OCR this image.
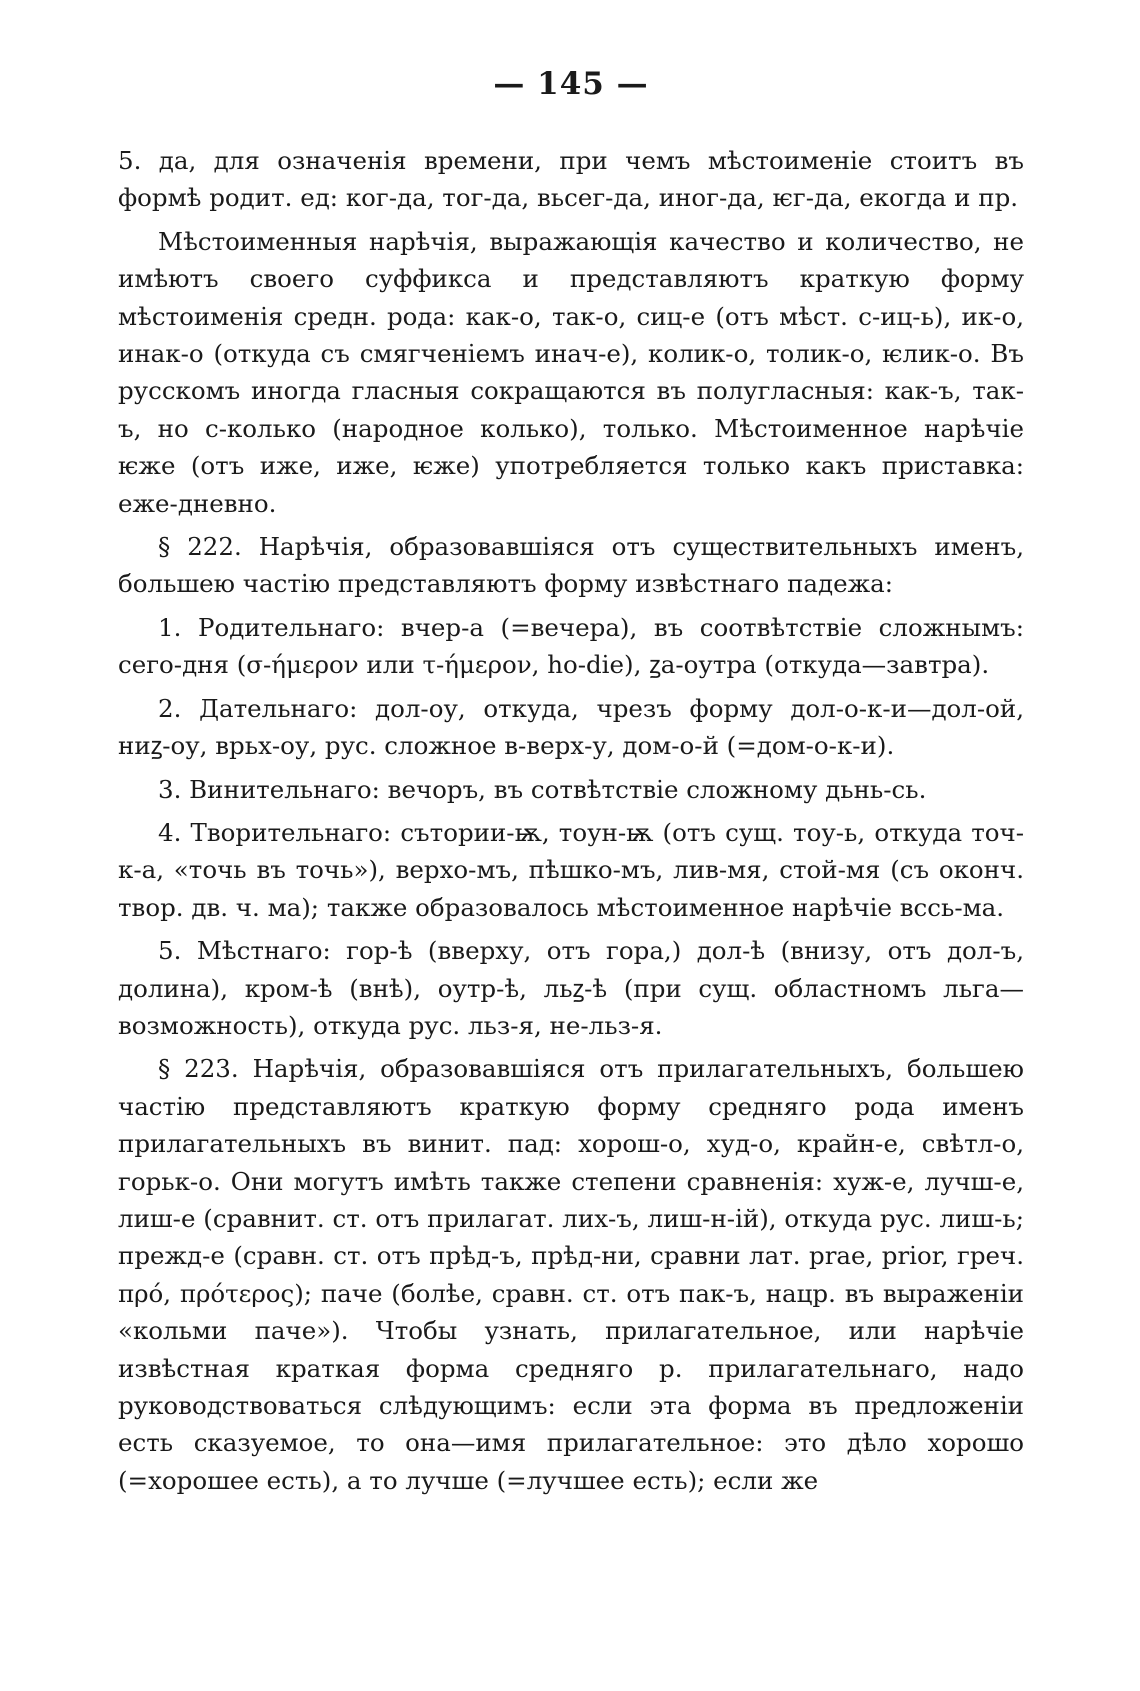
— 145 —

5. да, для означенія времени, при чемъ мѣстоименіе стоитъ въ формѣ родит. ед: ког-да, тог-да, вьсег-да, иног-да, ѥг-да, екогда и пр.

Мѣстоименныя нарѣчія, выражающія качество и количество, не имѣютъ своего суффикса и представляютъ краткую форму мѣстоименія средн. рода: как-о, так-о, сиц-е (отъ мѣст. с-иц-ь), ик-о, инак-о (откуда съ смягченіемъ инач-е), колик-о, толик-о, ѥлик-о. Въ русскомъ иногда гласныя сокращаются въ полугласныя: как-ъ, так-ъ, но с-колько (народное колько), только. Мѣстоименное нарѣчіе ѥже (отъ иже, иже, ѥже) употребляется только какъ приставка: еже-дневно.

§ 222. Нарѣчія, образовавшіяся отъ существительныхъ именъ, большею частію представляютъ форму извѣстнаго падежа:

1. Родительнаго: вчер-а (=вечера), въ соотвѣтствіе сложнымъ: сего-дня (σ-ήμερον или τ-ήμερον, ho-die), ꙁа-оутра (откуда—завтра).

2. Дательнаго: дол-оу, откуда, чрезъ форму дол-о-к-и—дол-ой, ниꙁ-оу, врьх-оу, рус. сложное в-верх-у, дом-о-й (=дом-о-к-и).

3. Винительнаго: вечоръ, въ сотвѣтствіе сложному дьнь-сь.

4. Творительнаго: сътории-ѭ, тоун-ѭ (отъ сущ. тоу-ь, откуда точ-к-а, «точь въ точь»), верхо-мъ, пѣшко-мъ, лив-мя, стой-мя (съ оконч. твор. дв. ч. ма); также образовалось мѣстоименное нарѣчіе вссь-ма.

5. Мѣстнаго: гор-ѣ (вверху, отъ гора,) дол-ѣ (внизу, отъ дол-ъ, долина), кром-ѣ (внѣ), оутр-ѣ, льꙁ-ѣ (при сущ. областномъ льга— возможность), откуда рус. льз-я, не-льз-я.

§ 223. Нарѣчія, образовавшіяся отъ прилагательныхъ, большею частію представляютъ краткую форму средняго рода именъ прилагательныхъ въ винит. пад: хорош-о, худ-о, крайн-е, свѣтл-о, горьк-о. Они могутъ имѣть также степени сравненія: хуж-е, лучш-е, лиш-е (сравнит. ст. отъ прилагат. лих-ъ, лиш-н-ій), откуда рус. лиш-ь; прежд-е (сравн. ст. отъ прѣд-ъ, прѣд-ни, сравни лат. prae, prior, греч. πρό, πρότερος); паче (болѣе, сравн. ст. отъ пак-ъ, нацр. въ выраженіи «кольми паче»). Чтобы узнать, прилагательное, или нарѣчіе извѣстная краткая форма средняго р. прилагательнаго, надо руководствоваться слѣдующимъ: если эта форма въ предложеніи есть сказуемое, то она—имя прилагательное: это дѣло хорошо (=хорошее есть), а то лучше (=лучшее есть); если же
